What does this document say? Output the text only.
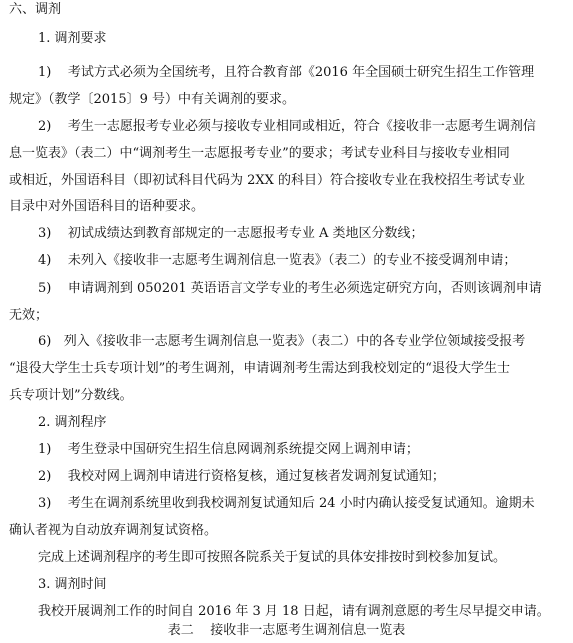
六、调剂
1. 调剂要求
1)    考试方式必须为全国统考，且符合教育部《2016 年全国硕士研究生招生工作管理
规定》（教学〔2015〕9 号）中有关调剂的要求。
2)    考生一志愿报考专业必须与接收专业相同或相近，符合《接收非一志愿考生调剂信
息一览表》（表二）中“调剂考生一志愿报考专业”的要求；考试专业科目与接收专业相同
或相近，外国语科目（即初试科目代码为 2XX 的科目）符合接收专业在我校招生考试专业
目录中对外国语科目的语种要求。
3)    初试成绩达到教育部规定的一志愿报考专业 A 类地区分数线；
4)    未列入《接收非一志愿考生调剂信息一览表》（表二）的专业不接受调剂申请；
5)    申请调剂到 050201 英语语言文学专业的考生必须选定研究方向，否则该调剂申请
无效；
6)   列入《接收非一志愿考生调剂信息一览表》（表二）中的各专业学位领域接受报考
“退役大学生士兵专项计划”的考生调剂，申请调剂考生需达到我校划定的“退役大学生士
兵专项计划”分数线。
2. 调剂程序
1)    考生登录中国研究生招生信息网调剂系统提交网上调剂申请；
2)    我校对网上调剂申请进行资格复核，通过复核者发调剂复试通知；
3)    考生在调剂系统里收到我校调剂复试通知后 24 小时内确认接受复试通知。逾期未
确认者视为自动放弃调剂复试资格。
完成上述调剂程序的考生即可按照各院系关于复试的具体安排按时到校参加复试。
3. 调剂时间
我校开展调剂工作的时间自 2016 年 3 月 18 日起，请有调剂意愿的考生尽早提交申请。
表二    接收非一志愿考生调剂信息一览表
